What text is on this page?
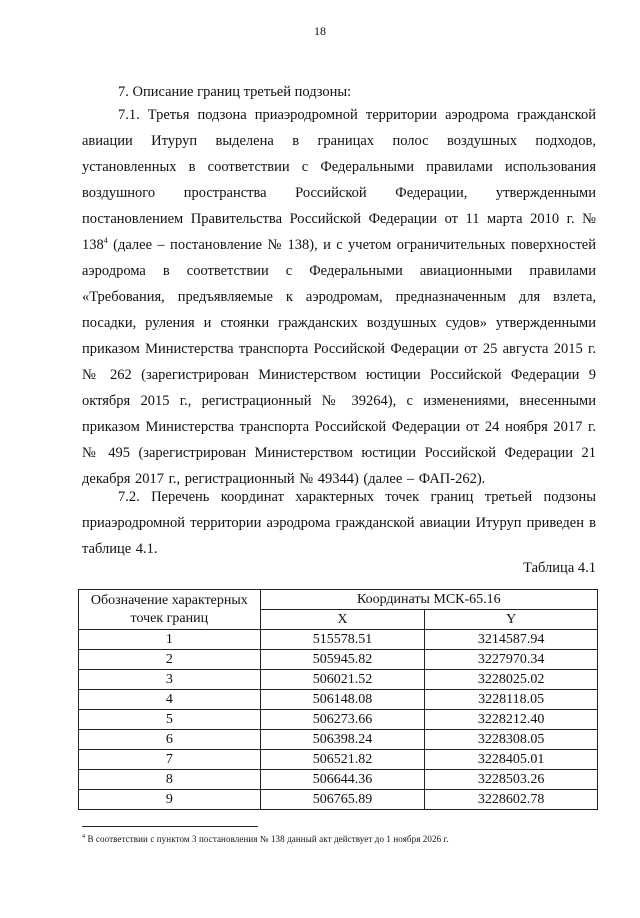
18
7. Описание границ третьей подзоны:
7.1. Третья подзона приаэродромной территории аэродрома гражданской авиации Итуруп выделена в границах полос воздушных подходов, установленных в соответствии с Федеральными правилами использования воздушного пространства Российской Федерации, утвержденными постановлением Правительства Российской Федерации от 11 марта 2010 г. № 138$^4$ (далее – постановление № 138), и с учетом ограничительных поверхностей аэродрома в соответствии с Федеральными авиационными правилами «Требования, предъявляемые к аэродромам, предназначенным для взлета, посадки, руления и стоянки гражданских воздушных судов» утвержденными приказом Министерства транспорта Российской Федерации от 25 августа 2015 г. № 262 (зарегистрирован Министерством юстиции Российской Федерации 9 октября 2015 г., регистрационный № 39264), с изменениями, внесенными приказом Министерства транспорта Российской Федерации от 24 ноября 2017 г. № 495 (зарегистрирован Министерством юстиции Российской Федерации 21 декабря 2017 г., регистрационный № 49344) (далее – ФАП-262).
7.2. Перечень координат характерных точек границ третьей подзоны приаэродромной территории аэродрома гражданской авиации Итуруп приведен в таблице 4.1.
Таблица 4.1
Обозначение характерных точек границ	Координаты МСК-65.16	
	X	Y
1	515578.51	3214587.94
2	505945.82	3227970.34
3	506021.52	3228025.02
4	506148.08	3228118.05
5	506273.66	3228212.40
6	506398.24	3228308.05
7	506521.82	3228405.01
8	506644.36	3228503.26
9	506765.89	3228602.78
$^4$ В соответствии с пунктом 3 постановления № 138 данный акт действует до 1 ноября 2026 г.
